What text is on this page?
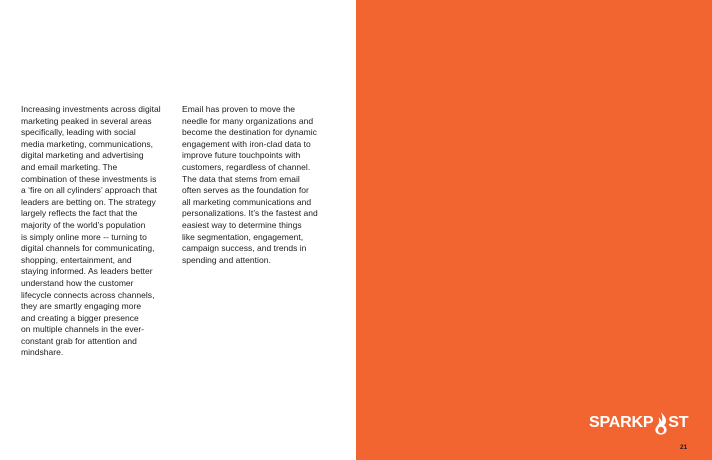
Increasing investments across digital
marketing peaked in several areas
specifically, leading with social
media marketing, communications,
digital marketing and advertising
and email marketing. The
combination of these investments is
a ‘fire on all cylinders’ approach that
leaders are betting on. The strategy
largely reflects the fact that the
majority of the world’s population
is simply online more -- turning to
digital channels for communicating,
shopping, entertainment, and
staying informed. As leaders better
understand how the customer
lifecycle connects across channels,
they are smartly engaging more
and creating a bigger presence
on multiple channels in the ever-
constant grab for attention and
mindshare.
Email has proven to move the
needle for many organizations and
become the destination for dynamic
engagement with iron-clad data to
improve future touchpoints with
customers, regardless of channel.
The data that stems from email
often serves as the foundation for
all marketing communications and
personalizations. It’s the fastest and
easiest way to determine things
like segmentation, engagement,
campaign success, and trends in
spending and attention.
SPARKP ST
21
